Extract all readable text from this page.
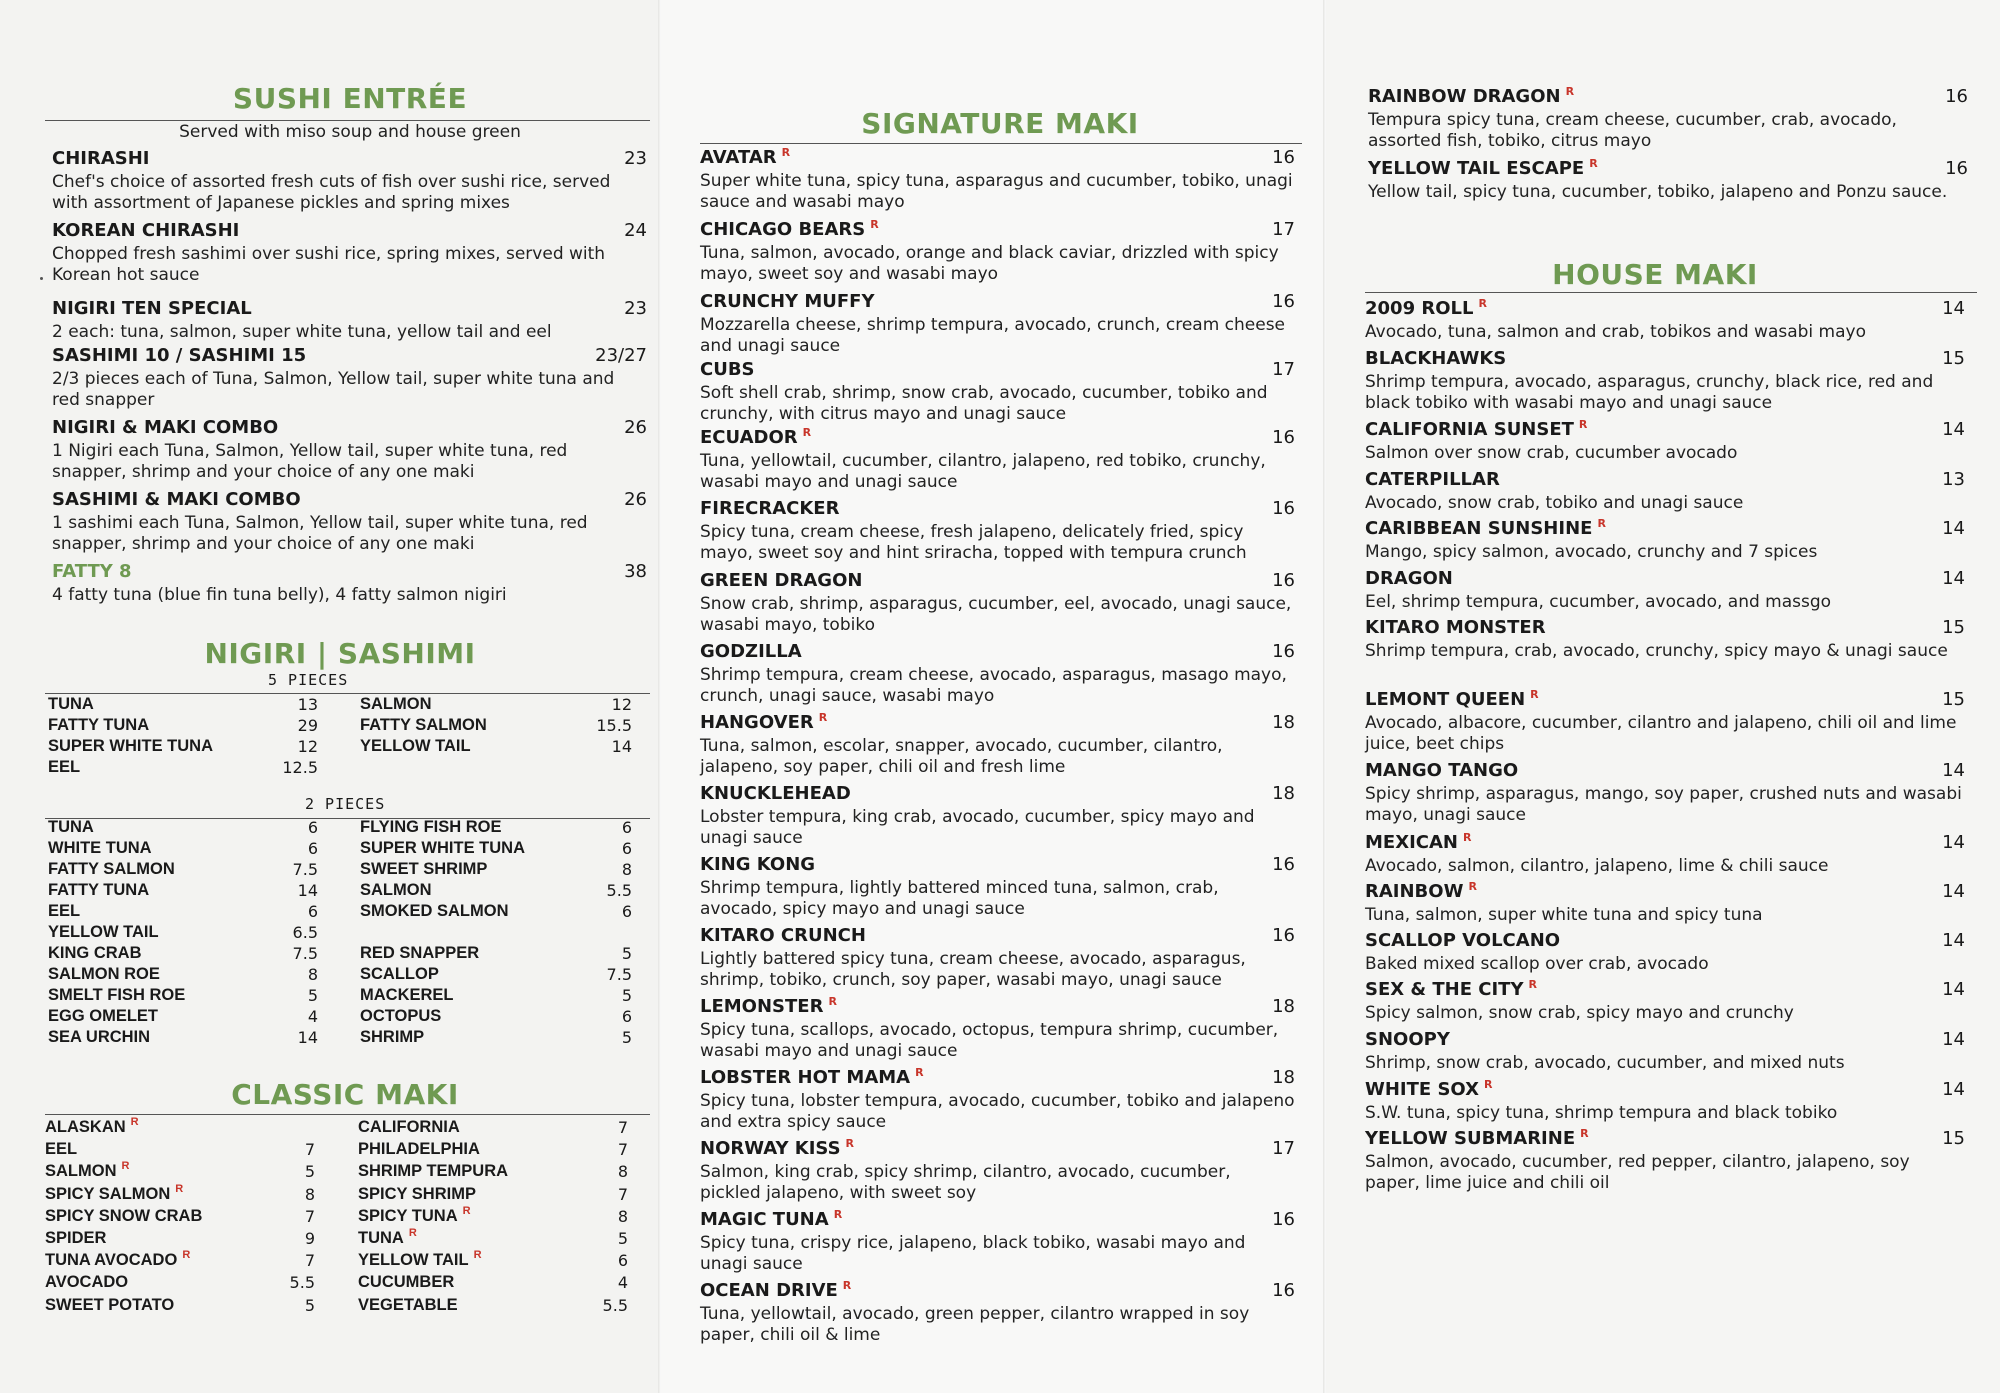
SUSHI ENTRÉE
Served with miso soup and house green
CHIRASHI	23
Chef's choice of assorted fresh cuts of fish over sushi rice, served with assortment of Japanese pickles and spring mixes
KOREAN CHIRASHI	24
Chopped fresh sashimi over sushi rice, spring mixes, served with Korean hot sauce
NIGIRI TEN SPECIAL	23
2 each: tuna, salmon, super white tuna, yellow tail and eel
SASHIMI 10 / SASHIMI 15	23/27
2/3 pieces each of Tuna, Salmon, Yellow tail, super white tuna and red snapper
NIGIRI & MAKI COMBO	26
1 Nigiri each Tuna, Salmon, Yellow tail, super white tuna, red snapper, shrimp and your choice of any one maki
SASHIMI & MAKI COMBO	26
1 sashimi each Tuna, Salmon, Yellow tail, super white tuna, red snapper, shrimp and your choice of any one maki
FATTY 8	38
4 fatty tuna (blue fin tuna belly), 4 fatty salmon nigiri
NIGIRI | SASHIMI
5 PIECES
TUNA	13
FATTY TUNA	29
SUPER WHITE TUNA	12
EEL	12.5
SALMON	12
FATTY SALMON	15.5
YELLOW TAIL	14
2 PIECES
TUNA	6
WHITE TUNA	6
FATTY SALMON	7.5
FATTY TUNA	14
EEL	6
YELLOW TAIL	6.5
KING CRAB	7.5
SALMON ROE	8
SMELT FISH ROE	5
EGG OMELET	4
SEA URCHIN	14
FLYING FISH ROE	6
SUPER WHITE TUNA	6
SWEET SHRIMP	8
SALMON	5.5
SMOKED SALMON	6
RED SNAPPER	5
SCALLOP	7.5
MACKEREL	5
OCTOPUS	6
SHRIMP	5
CLASSIC MAKI
ALASKAN $^R$
EEL	7
SALMON $^R$	5
SPICY SALMON $^R$	8
SPICY SNOW CRAB	7
SPIDER	9
TUNA AVOCADO $^R$	7
AVOCADO	5.5
SWEET POTATO	5
CALIFORNIA	7
PHILADELPHIA	7
SHRIMP TEMPURA	8
SPICY SHRIMP	7
SPICY TUNA $^R$	8
TUNA $^R$	5
YELLOW TAIL $^R$	6
CUCUMBER	4
VEGETABLE	5.5
SIGNATURE MAKI
AVATAR $^R$	16
Super white tuna, spicy tuna, asparagus and cucumber, tobiko, unagi sauce and wasabi mayo
CHICAGO BEARS $^R$	17
Tuna, salmon, avocado, orange and black caviar, drizzled with spicy mayo, sweet soy and wasabi mayo
CRUNCHY MUFFY	16
Mozzarella cheese, shrimp tempura, avocado, crunch, cream cheese and unagi sauce
CUBS	17
Soft shell crab, shrimp, snow crab, avocado, cucumber, tobiko and crunchy, with citrus mayo and unagi sauce
ECUADOR $^R$	16
Tuna, yellowtail, cucumber, cilantro, jalapeno, red tobiko, crunchy, wasabi mayo and unagi sauce
FIRECRACKER	16
Spicy tuna, cream cheese, fresh jalapeno, delicately fried, spicy mayo, sweet soy and hint sriracha, topped with tempura crunch
GREEN DRAGON	16
Snow crab, shrimp, asparagus, cucumber, eel, avocado, unagi sauce, wasabi mayo, tobiko
GODZILLA	16
Shrimp tempura, cream cheese, avocado, asparagus, masago mayo, crunch, unagi sauce, wasabi mayo
HANGOVER $^R$	18
Tuna, salmon, escolar, snapper, avocado, cucumber, cilantro, jalapeno, soy paper, chili oil and fresh lime
KNUCKLEHEAD	18
Lobster tempura, king crab, avocado, cucumber, spicy mayo and unagi sauce
KING KONG	16
Shrimp tempura, lightly battered minced tuna, salmon, crab, avocado, spicy mayo and unagi sauce
KITARO CRUNCH	16
Lightly battered spicy tuna, cream cheese, avocado, asparagus, shrimp, tobiko, crunch, soy paper, wasabi mayo, unagi sauce
LEMONSTER $^R$	18
Spicy tuna, scallops, avocado, octopus, tempura shrimp, cucumber, wasabi mayo and unagi sauce
LOBSTER HOT MAMA $^R$	18
Spicy tuna, lobster tempura, avocado, cucumber, tobiko and jalapeno and extra spicy sauce
NORWAY KISS $^R$	17
Salmon, king crab, spicy shrimp, cilantro, avocado, cucumber, pickled jalapeno, with sweet soy
MAGIC TUNA $^R$	16
Spicy tuna, crispy rice, jalapeno, black tobiko, wasabi mayo and unagi sauce
OCEAN DRIVE $^R$	16
Tuna, yellowtail, avocado, green pepper, cilantro wrapped in soy paper, chili oil & lime
RAINBOW DRAGON $^R$	16
Tempura spicy tuna, cream cheese, cucumber, crab, avocado, assorted fish, tobiko, citrus mayo
YELLOW TAIL ESCAPE $^R$	16
Yellow tail, spicy tuna, cucumber, tobiko, jalapeno and Ponzu sauce.
HOUSE MAKI
2009 ROLL $^R$	14
Avocado, tuna, salmon and crab, tobikos and wasabi mayo
BLACKHAWKS	15
Shrimp tempura, avocado, asparagus, crunchy, black rice, red and black tobiko with wasabi mayo and unagi sauce
CALIFORNIA SUNSET $^R$	14
Salmon over snow crab, cucumber avocado
CATERPILLAR	13
Avocado, snow crab, tobiko and unagi sauce
CARIBBEAN SUNSHINE $^R$	14
Mango, spicy salmon, avocado, crunchy and 7 spices
DRAGON	14
Eel, shrimp tempura, cucumber, avocado, and massgo
KITARO MONSTER	15
Shrimp tempura, crab, avocado, crunchy, spicy mayo & unagi sauce
LEMONT QUEEN $^R$	15
Avocado, albacore, cucumber, cilantro and jalapeno, chili oil and lime juice, beet chips
MANGO TANGO	14
Spicy shrimp, asparagus, mango, soy paper, crushed nuts and wasabi mayo, unagi sauce
MEXICAN $^R$	14
Avocado, salmon, cilantro, jalapeno, lime & chili sauce
RAINBOW $^R$	14
Tuna, salmon, super white tuna and spicy tuna
SCALLOP VOLCANO	14
Baked mixed scallop over crab, avocado
SEX & THE CITY $^R$	14
Spicy salmon, snow crab, spicy mayo and crunchy
SNOOPY	14
Shrimp, snow crab, avocado, cucumber, and mixed nuts
WHITE SOX $^R$	14
S.W. tuna, spicy tuna, shrimp tempura and black tobiko
YELLOW SUBMARINE $^R$	15
Salmon, avocado, cucumber, red pepper, cilantro, jalapeno, soy paper, lime juice and chili oil
